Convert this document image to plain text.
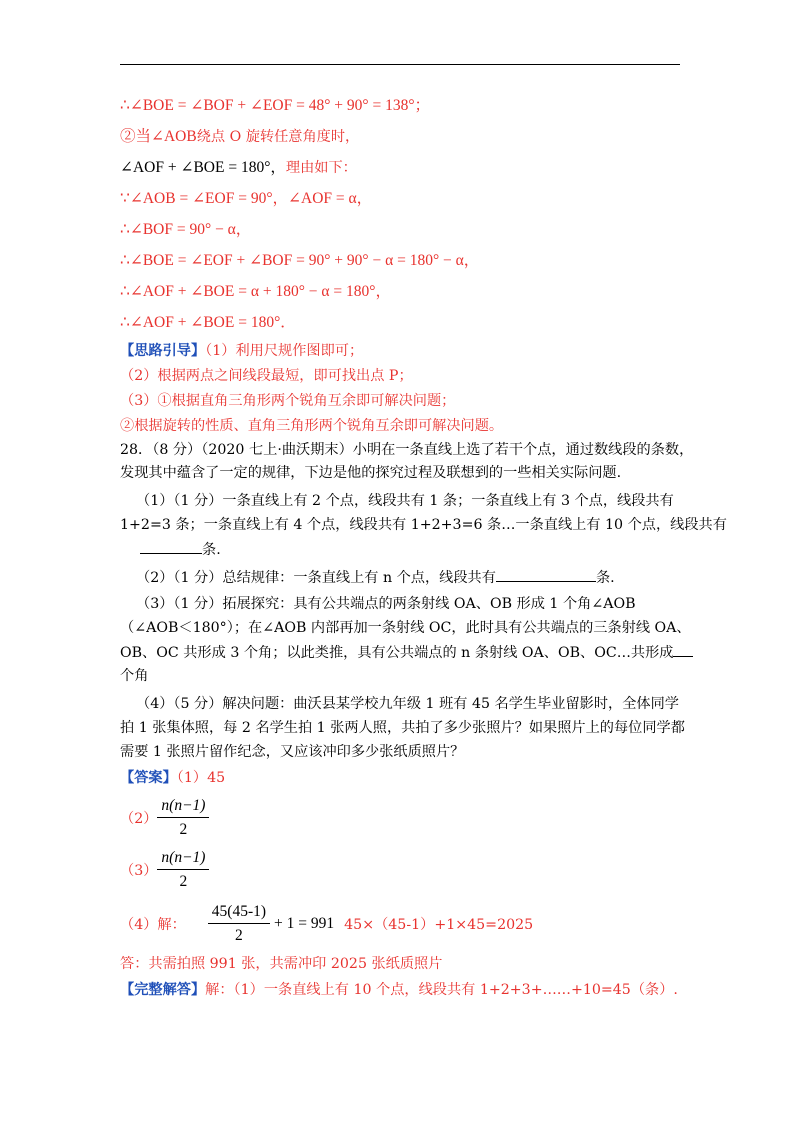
∴∠BOE = ∠BOF + ∠EOF = 48° + 90° = 138°；
②当∠AOB绕点 O 旋转任意角度时，
∠AOF + ∠BOE = 180°，理由如下：
∵∠AOB = ∠EOF = 90°，∠AOF = α，
∴∠BOF = 90° − α，
∴∠BOE = ∠EOF + ∠BOF = 90° + 90° − α = 180° − α，
∴∠AOF + ∠BOE = α + 180° − α = 180°，
∴∠AOF + ∠BOE = 180°．
【思路引导】（1）利用尺规作图即可；
（2）根据两点之间线段最短，即可找出点 P；
（3）①根据直角三角形两个锐角互余即可解决问题；
②根据旋转的性质、直角三角形两个锐角互余即可解决问题。
28．（8 分）（2020 七上·曲沃期末）小明在一条直线上选了若干个点，通过数线段的条数，
发现其中蕴含了一定的规律，下边是他的探究过程及联想到的一些相关实际问题.
（1）（1 分）一条直线上有 2 个点，线段共有 1 条；一条直线上有 3 个点，线段共有
1+2=3 条；一条直线上有 4 个点，线段共有 1+2+3=6 条…一条直线上有 10 个点，线段共有
条.
（2）（1 分）总结规律：一条直线上有 n 个点，线段共有	条.
（3）（1 分）拓展探究：具有公共端点的两条射线 OA、OB 形成 1 个角∠AOB
（∠AOB＜180°）；在∠AOB 内部再加一条射线 OC，此时具有公共端点的三条射线 OA、
OB、OC 共形成 3 个角；以此类推，具有公共端点的 n 条射线 OA、OB、OC…共形成
个角
（4）（5 分）解决问题：曲沃县某学校九年级 1 班有 45 名学生毕业留影时，全体同学
拍 1 张集体照，每 2 名学生拍 1 张两人照，共拍了多少张照片？如果照片上的每位同学都
需要 1 张照片留作纪念，又应该冲印多少张纸质照片？
【答案】（1）45
$(2) \frac{n(n-1)}{2}$
$(3) \frac{n(n-1)}{2}$
（4）解： $\frac{45(45-1)}{2} + 1 = 991$ 45×（45-1）+1×45=2025
答：共需拍照 991 张，共需冲印 2025 张纸质照片
【完整解答】解：（1）一条直线上有 10 个点，线段共有 1+2+3+……+10=45（条）.
